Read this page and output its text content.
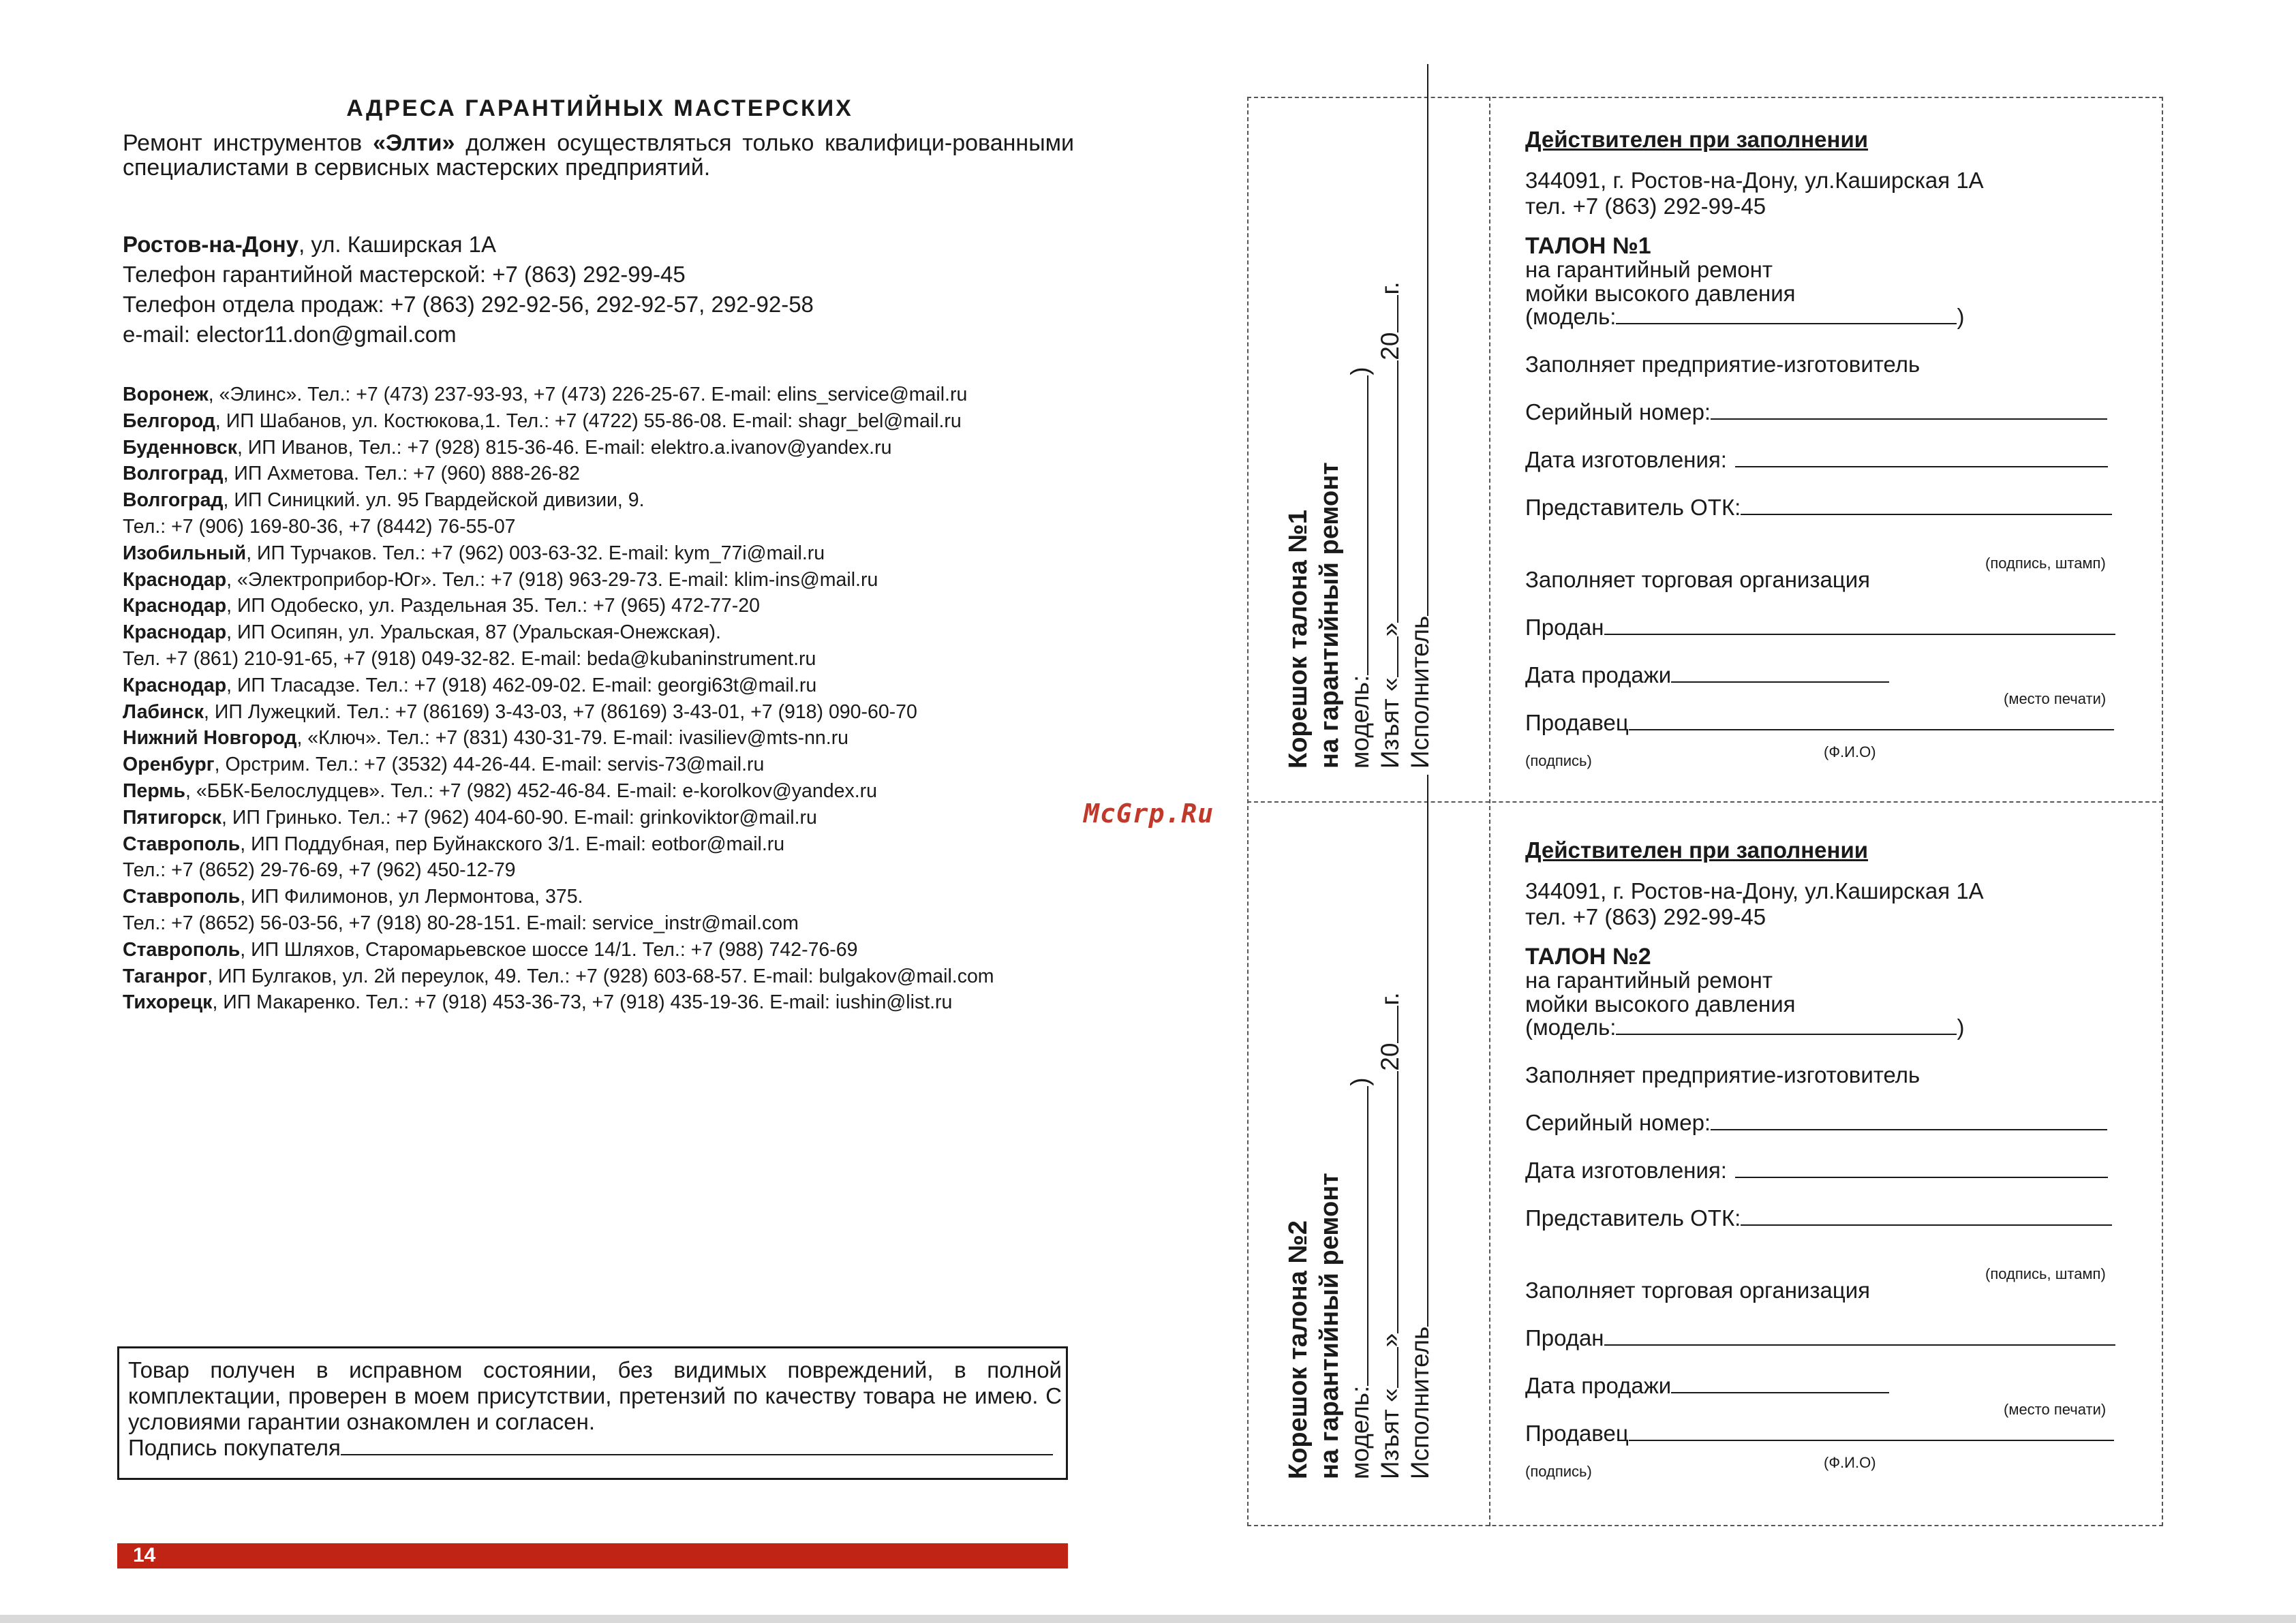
АДРЕСА ГАРАНТИЙНЫХ МАСТЕРСКИХ
Ремонт инструментов «Элти» должен осуществляться только квалифици-рованными специалистами в сервисных мастерских предприятий.
Ростов-на-Дону, ул. Каширская 1А
Телефон гарантийной мастерской: +7 (863) 292-99-45
Телефон отдела продаж: +7 (863) 292-92-56, 292-92-57, 292-92-58
e-mail: elector11.don@gmail.com
Воронеж, «Элинс». Тел.: +7 (473) 237-93-93, +7 (473) 226-25-67. E-mail: elins_service@mail.ru
Белгород, ИП Шабанов, ул. Костюкова,1. Тел.: +7 (4722) 55-86-08. E-mail: shagr_bel@mail.ru
Буденновск, ИП Иванов, Тел.: +7 (928) 815-36-46. E-mail: elektro.a.ivanov@yandex.ru
Волгоград, ИП Ахметова. Тел.: +7 (960) 888-26-82
Волгоград, ИП Синицкий. ул. 95 Гвардейской дивизии, 9.
Тел.: +7 (906) 169-80-36, +7 (8442) 76-55-07
Изобильный, ИП Турчаков. Тел.: +7 (962) 003-63-32. E-mail: kym_77i@mail.ru
Краснодар, «Электроприбор-Юг». Тел.: +7 (918) 963-29-73. E-mail: klim-ins@mail.ru
Краснодар, ИП Одобеско, ул. Раздельная 35. Тел.: +7 (965) 472-77-20
Краснодар, ИП Осипян, ул. Уральская, 87 (Уральская-Онежская).
Тел. +7 (861) 210-91-65, +7 (918) 049-32-82. E-mail: beda@kubaninstrument.ru
Краснодар, ИП Тласадзе. Тел.: +7 (918) 462-09-02. E-mail: georgi63t@mail.ru
Лабинск, ИП Лужецкий. Тел.: +7 (86169) 3-43-03, +7 (86169) 3-43-01, +7 (918) 090-60-70
Нижний Новгород, «Ключ». Тел.: +7 (831) 430-31-79. E-mail: ivasiliev@mts-nn.ru
Оренбург, Орстрим. Тел.: +7 (3532) 44-26-44. E-mail: servis-73@mail.ru
Пермь, «ББК-Белослудцев». Тел.: +7 (982) 452-46-84. E-mail: e-korolkov@yandex.ru
Пятигорск, ИП Гринько. Тел.: +7 (962) 404-60-90. E-mail: grinkoviktor@mail.ru
Ставрополь, ИП Поддубная, пер Буйнакского 3/1. E-mail: eotbor@mail.ru
Тел.: +7 (8652) 29-76-69, +7 (962) 450-12-79
Ставрополь, ИП Филимонов, ул Лермонтова, 375.
Тел.: +7 (8652) 56-03-56, +7 (918) 80-28-151. E-mail: service_instr@mail.com
Ставрополь, ИП Шляхов, Старомарьевское шоссе 14/1. Тел.: +7 (988) 742-76-69
Таганрог, ИП Булгаков, ул. 2й переулок, 49. Тел.: +7 (928) 603-68-57. E-mail: bulgakov@mail.com
Тихорецк, ИП Макаренко. Тел.: +7 (918) 453-36-73, +7 (918) 435-19-36. E-mail: iushin@list.ru
Товар получен в исправном состоянии, без видимых повреждений, в полной комплектации, проверен в моем присутствии, претензий по качеству товара не имею. С условиями гарантии ознакомлен и согласен.
Подпись покупателя
14
McGrp.Ru
Корешок талона №1 на гарантийный ремонт модель:)
Изъят «»20г.
Исполнитель
Действителен при заполнении
344091, г. Ростов-на-Дону, ул.Каширская 1А
тел. +7 (863) 292-99-45
ТАЛОН №1
на гарантийный ремонт
мойки высокого давления
(модель:	)
Заполняет предприятие-изготовитель
Серийный номер:
Дата изготовления:
Представитель ОТК:
(подпись, штамп)
Заполняет торговая организация
Продан
Дата продажи
(место печати)
Продавец
(подпись)
(Ф.И.О)
Корешок талона №2 на гарантийный ремонт модель:)
Изъят «»20г.
Исполнитель
Действителен при заполнении
344091, г. Ростов-на-Дону, ул.Каширская 1А
тел. +7 (863) 292-99-45
ТАЛОН №2
на гарантийный ремонт
мойки высокого давления
(модель:	)
Заполняет предприятие-изготовитель
Серийный номер:
Дата изготовления:
Представитель ОТК:
(подпись, штамп)
Заполняет торговая организация
Продан
Дата продажи
(место печати)
Продавец
(подпись)
(Ф.И.О)
